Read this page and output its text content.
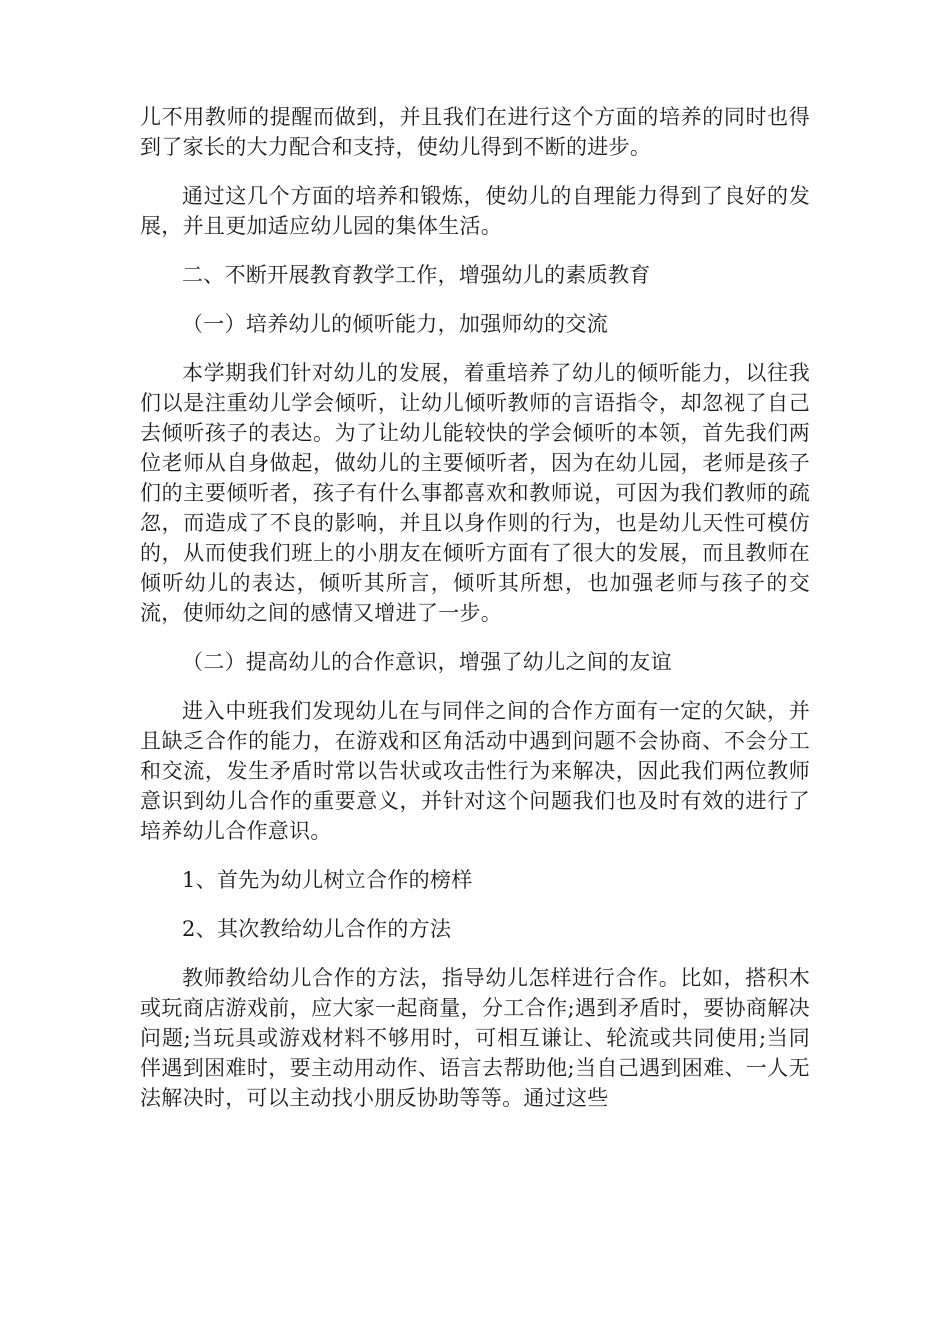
儿不用教师的提醒而做到，并且我们在进行这个方面的培养的同时也得到了家长的大力配合和支持，使幼儿得到不断的进步。

通过这几个方面的培养和锻炼，使幼儿的自理能力得到了良好的发展，并且更加适应幼儿园的集体生活。

二、不断开展教育教学工作，增强幼儿的素质教育

（一）培养幼儿的倾听能力，加强师幼的交流

本学期我们针对幼儿的发展，着重培养了幼儿的倾听能力，以往我们以是注重幼儿学会倾听，让幼儿倾听教师的言语指令，却忽视了自己去倾听孩子的表达。为了让幼儿能较快的学会倾听的本领，首先我们两位老师从自身做起，做幼儿的主要倾听者，因为在幼儿园，老师是孩子们的主要倾听者，孩子有什么事都喜欢和教师说，可因为我们教师的疏忽，而造成了不良的影响，并且以身作则的行为，也是幼儿天性可模仿的，从而使我们班上的小朋友在倾听方面有了很大的发展，而且教师在倾听幼儿的表达，倾听其所言，倾听其所想，也加强老师与孩子的交流，使师幼之间的感情又增进了一步。

（二）提高幼儿的合作意识，增强了幼儿之间的友谊

进入中班我们发现幼儿在与同伴之间的合作方面有一定的欠缺，并且缺乏合作的能力，在游戏和区角活动中遇到问题不会协商、不会分工和交流，发生矛盾时常以告状或攻击性行为来解决，因此我们两位教师意识到幼儿合作的重要意义，并针对这个问题我们也及时有效的进行了培养幼儿合作意识。

1、首先为幼儿树立合作的榜样

2、其次教给幼儿合作的方法

教师教给幼儿合作的方法，指导幼儿怎样进行合作。比如，搭积木或玩商店游戏前，应大家一起商量，分工合作;遇到矛盾时，要协商解决问题;当玩具或游戏材料不够用时，可相互谦让、轮流或共同使用;当同伴遇到困难时，要主动用动作、语言去帮助他;当自己遇到困难、一人无法解决时，可以主动找小朋反协助等等。通过这些
